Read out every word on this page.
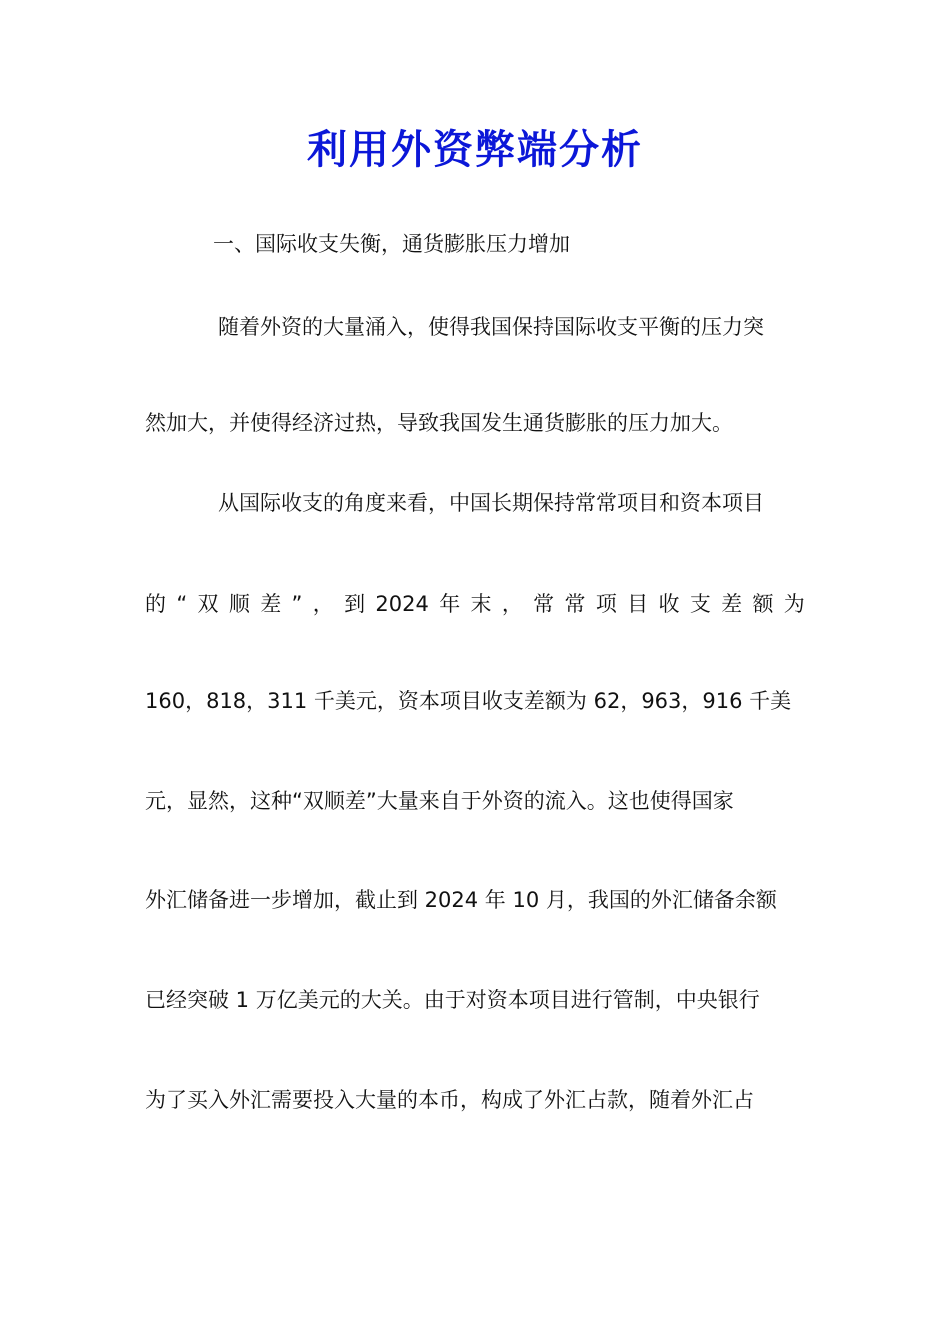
利用外资弊端分析
一、国际收支失衡，通货膨胀压力增加
随着外资的大量涌入，使得我国保持国际收支平衡的压力突
然加大，并使得经济过热，导致我国发生通货膨胀的压力加大。
从国际收支的角度来看，中国长期保持常常项目和资本项目
的 “ 双 顺 差 ” ， 到 2024 年 末 ， 常 常 项 目 收 支 差 额 为
160，818，311 千美元，资本项目收支差额为 62，963，916 千美
元，显然，这种“双顺差”大量来自于外资的流入。这也使得国家
外汇储备进一步增加，截止到 2024 年 10 月，我国的外汇储备余额
已经突破 1 万亿美元的大关。由于对资本项目进行管制，中央银行
为了买入外汇需要投入大量的本币，构成了外汇占款，随着外汇占
